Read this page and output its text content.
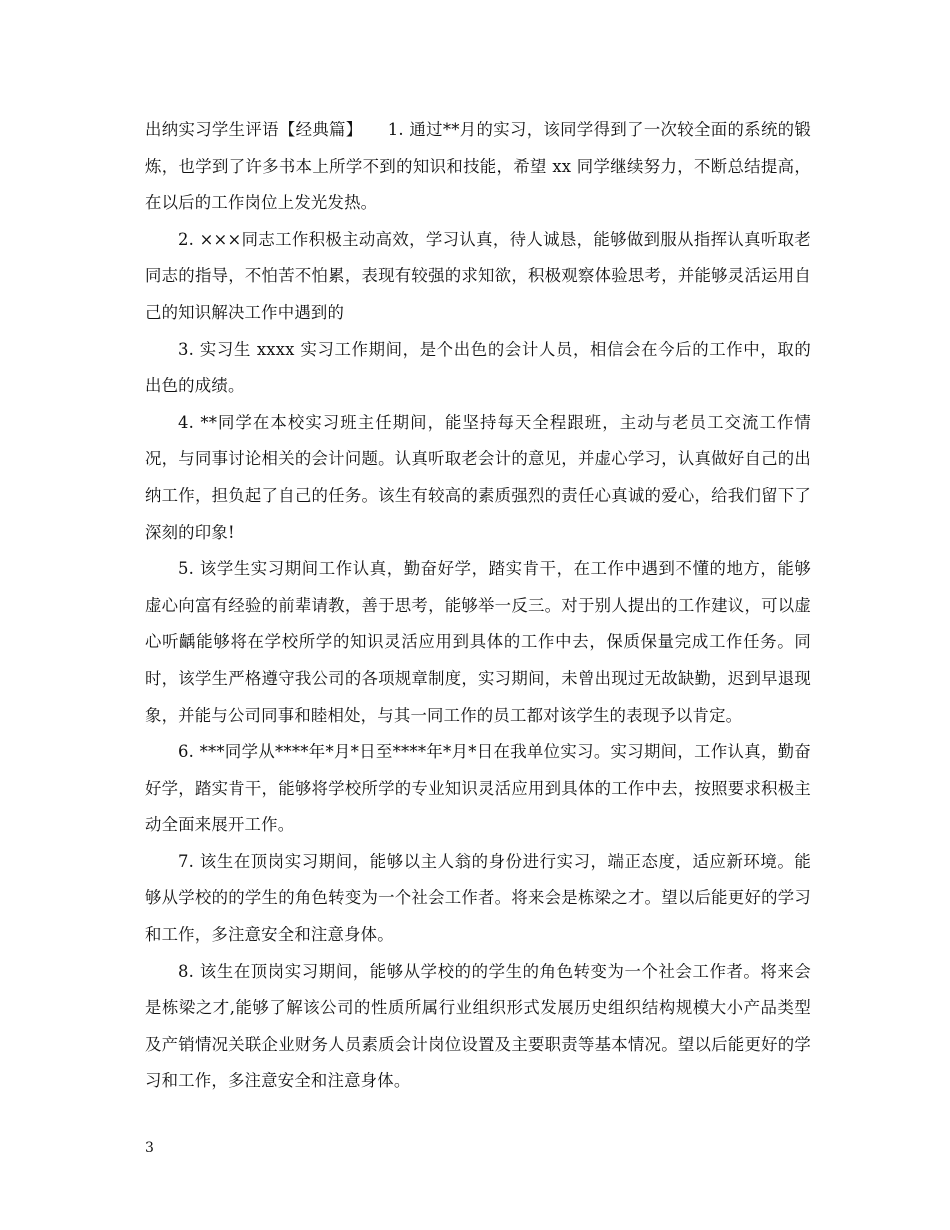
出纳实习学生评语【经典篇】　　1. 通过**月的实习，该同学得到了一次较全面的系统的锻炼，也学到了许多书本上所学不到的知识和技能，希望 xx 同学继续努力，不断总结提高，在以后的工作岗位上发光发热。

2. ×××同志工作积极主动高效，学习认真，待人诚恳，能够做到服从指挥认真听取老同志的指导，不怕苦不怕累，表现有较强的求知欲，积极观察体验思考，并能够灵活运用自己的知识解决工作中遇到的

3. 实习生 xxxx 实习工作期间，是个出色的会计人员，相信会在今后的工作中，取的出色的成绩。

4. **同学在本校实习班主任期间，能坚持每天全程跟班，主动与老员工交流工作情况，与同事讨论相关的会计问题。认真听取老会计的意见，并虚心学习，认真做好自己的出纳工作，担负起了自己的任务。该生有较高的素质强烈的责任心真诚的爱心，给我们留下了深刻的印象!

5. 该学生实习期间工作认真，勤奋好学，踏实肯干，在工作中遇到不懂的地方，能够虚心向富有经验的前辈请教，善于思考，能够举一反三。对于别人提出的工作建议，可以虚心听齲能够将在学校所学的知识灵活应用到具体的工作中去，保质保量完成工作任务。同时，该学生严格遵守我公司的各项规章制度，实习期间，未曾出现过无故缺勤，迟到早退现象，并能与公司同事和睦相处，与其一同工作的员工都对该学生的表现予以肯定。

6. ***同学从****年*月*日至****年*月*日在我单位实习。实习期间，工作认真，勤奋好学，踏实肯干，能够将学校所学的专业知识灵活应用到具体的工作中去，按照要求积极主动全面来展开工作。

7. 该生在顶岗实习期间，能够以主人翁的身份进行实习，端正态度，适应新环境。能够从学校的的学生的角色转变为一个社会工作者。将来会是栋梁之才。望以后能更好的学习和工作，多注意安全和注意身体。

8. 该生在顶岗实习期间，能够从学校的的学生的角色转变为一个社会工作者。将来会是栋梁之才,能够了解该公司的性质所属行业组织形式发展历史组织结构规模大小产品类型及产销情况关联企业财务人员素质会计岗位设置及主要职责等基本情况。望以后能更好的学习和工作，多注意安全和注意身体。

3
